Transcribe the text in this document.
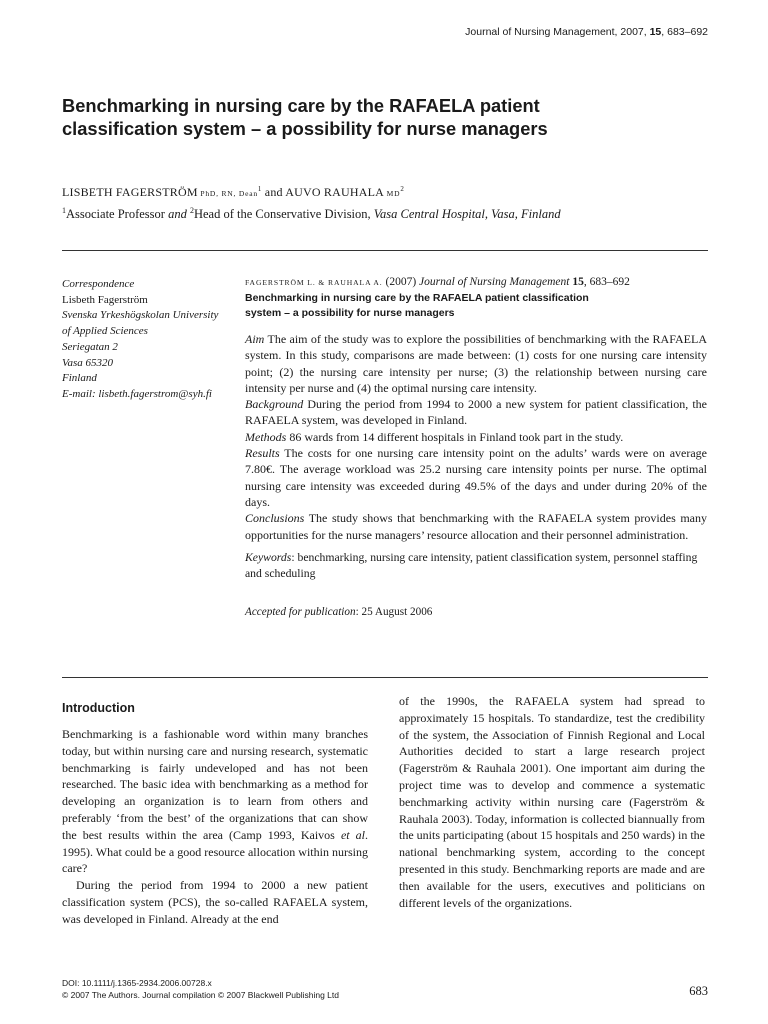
Journal of Nursing Management, 2007, 15, 683–692
Benchmarking in nursing care by the RAFAELA patient
classification system – a possibility for nurse managers
LISBETH FAGERSTRÖM PhD, RN, Dean$^1$ and AUVO RAUHALA $MD^2$
$^1$Associate Professor and $^2$Head of the Conservative Division, Vasa Central Hospital, Vasa, Finland
Correspondence
Lisbeth Fagerström
Svenska Yrkeshögskolan University
of Applied Sciences
Seriegatan 2
Vasa 65320
Finland
E-mail: lisbeth.fagerstrom@syh.fi
FAGERSTRÖM L. & RAUHALA A. (2007) Journal of Nursing Management 15, 683–692
Benchmarking in nursing care by the RAFAELA patient classification
system – a possibility for nurse managers
Aim The aim of the study was to explore the possibilities of benchmarking with the RAFAELA system. In this study, comparisons are made between: (1) costs for one nursing care intensity point; (2) the nursing care intensity per nurse; (3) the relationship between nursing care intensity per nurse and (4) the optimal nursing care intensity.
Background During the period from 1994 to 2000 a new system for patient classification, the RAFAELA system, was developed in Finland.
Methods 86 wards from 14 different hospitals in Finland took part in the study.
Results The costs for one nursing care intensity point on the adults’ wards were on average 7.80€. The average workload was 25.2 nursing care intensity points per nurse. The optimal nursing care intensity was exceeded during 49.5% of the days and under during 20% of the days.
Conclusions The study shows that benchmarking with the RAFAELA system provides many opportunities for the nurse managers’ resource allocation and their personnel administration.
Keywords: benchmarking, nursing care intensity, patient classification system, personnel staffing and scheduling
Accepted for publication: 25 August 2006
Introduction

Benchmarking is a fashionable word within many branches today, but within nursing care and nursing research, systematic benchmarking is fairly undeveloped and has not been researched. The basic idea with benchmarking as a method for developing an organization is to learn from others and preferably ‘from the best’ of the organizations that can show the best results within the area (Camp 1993, Kaivos et al. 1995). What could be a good resource allocation within nursing care?

During the period from 1994 to 2000 a new patient classification system (PCS), the so-called RAFAELA system, was developed in Finland. Already at the end

of the 1990s, the RAFAELA system had spread to approximately 15 hospitals. To standardize, test the credibility of the system, the Association of Finnish Regional and Local Authorities decided to start a large research project (Fagerström & Rauhala 2001). One important aim during the project time was to develop and commence a systematic benchmarking activity within nursing care (Fagerström & Rauhala 2003). Today, information is collected biannually from the units participating (about 15 hospitals and 250 wards) in the national benchmarking system, according to the concept presented in this study. Benchmarking reports are made and are then available for the users, executives and politicians on different levels of the organizations.

DOI: 10.1111/j.1365-2934.2006.00728.x
© 2007 The Authors. Journal compilation © 2007 Blackwell Publishing Ltd	683
